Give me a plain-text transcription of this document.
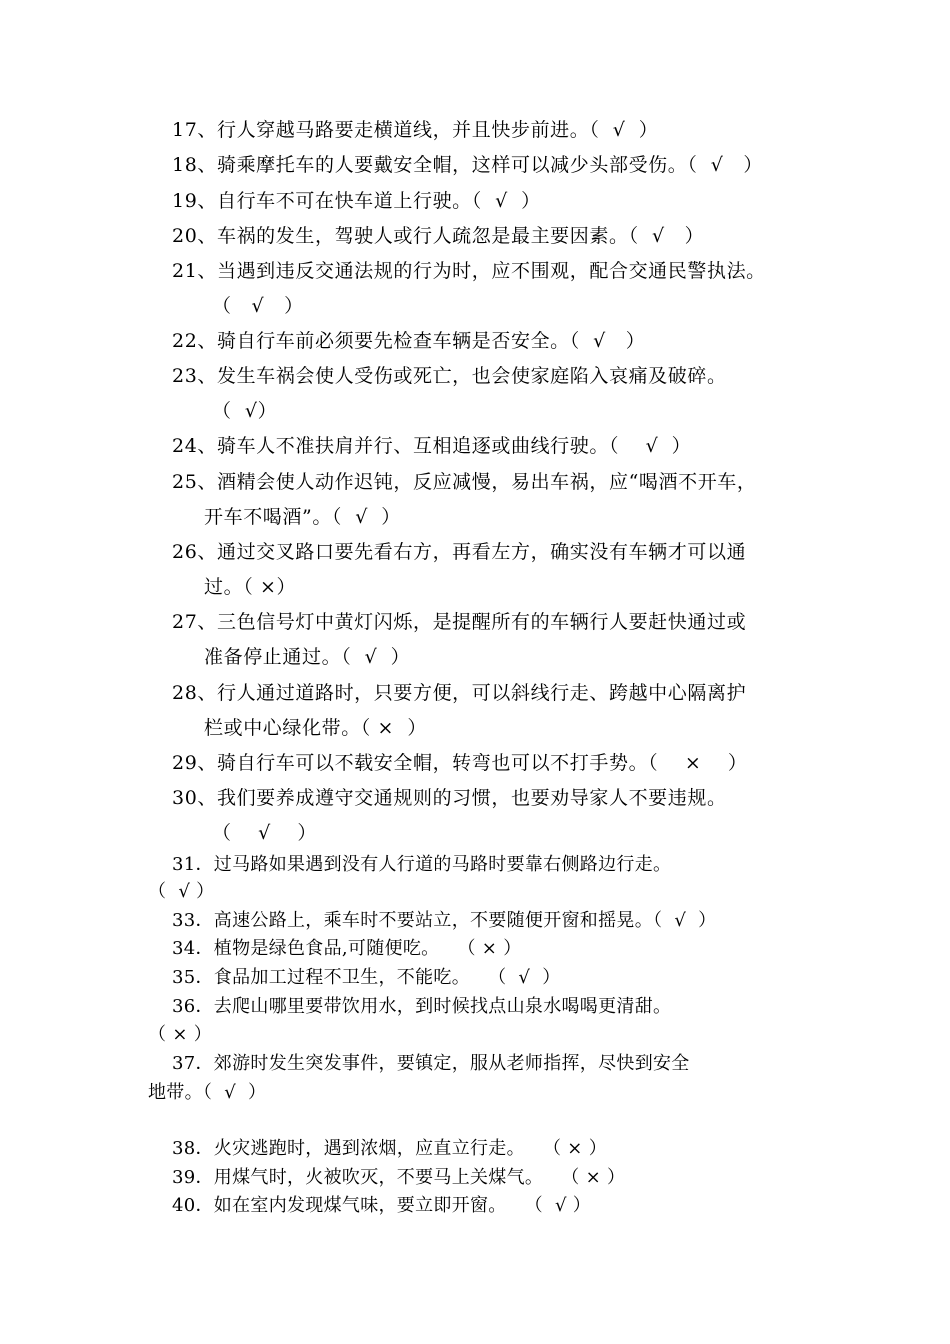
17、行人穿越马路要走横道线，并且快步前进。（  √  ）
18、骑乘摩托车的人要戴安全帽，这样可以减少头部受伤。（  √   ）
19、自行车不可在快车道上行驶。（  √  ）
20、车祸的发生，驾驶人或行人疏忽是最主要因素。（  √   ）
21、当遇到违反交通法规的行为时，应不围观，配合交通民警执法。
（   √   ）
22、骑自行车前必须要先检查车辆是否安全。（  √   ）
23、发生车祸会使人受伤或死亡，也会使家庭陷入哀痛及破碎。
（  √）
24、骑车人不准扶肩并行、互相追逐或曲线行驶。（    √  ）
25、酒精会使人动作迟钝，反应减慢，易出车祸，应“喝酒不开车，
开车不喝酒”。（  √  ）
26、通过交叉路口要先看右方，再看左方，确实没有车辆才可以通
过。（ ×）
27、三色信号灯中黄灯闪烁，是提醒所有的车辆行人要赶快通过或
准备停止通过。（  √  ）
28、行人通过道路时，只要方便，可以斜线行走、跨越中心隔离护
栏或中心绿化带。（ ×  ）
29、骑自行车可以不载安全帽，转弯也可以不打手势。（    ×    ）
30、我们要养成遵守交通规则的习惯，也要劝导家人不要违规。
（    √    ）
31．过马路如果遇到没有人行道的马路时要靠右侧路边行走。
（  √ ）
33．高速公路上，乘车时不要站立，不要随便开窗和摇晃。（  √  ）
34．植物是绿色食品,可随便吃。   （ × ）
35．食品加工过程不卫生，不能吃。   （  √  ）
36．去爬山哪里要带饮用水，到时候找点山泉水喝喝更清甜。
（ × ）
37．郊游时发生突发事件，要镇定，服从老师指挥，尽快到安全
地带。（  √  ）
38．火灾逃跑时，遇到浓烟，应直立行走。   （ × ）
39．用煤气时，火被吹灭，不要马上关煤气。   （ × ）
40．如在室内发现煤气味，要立即开窗。   （  √ ）
